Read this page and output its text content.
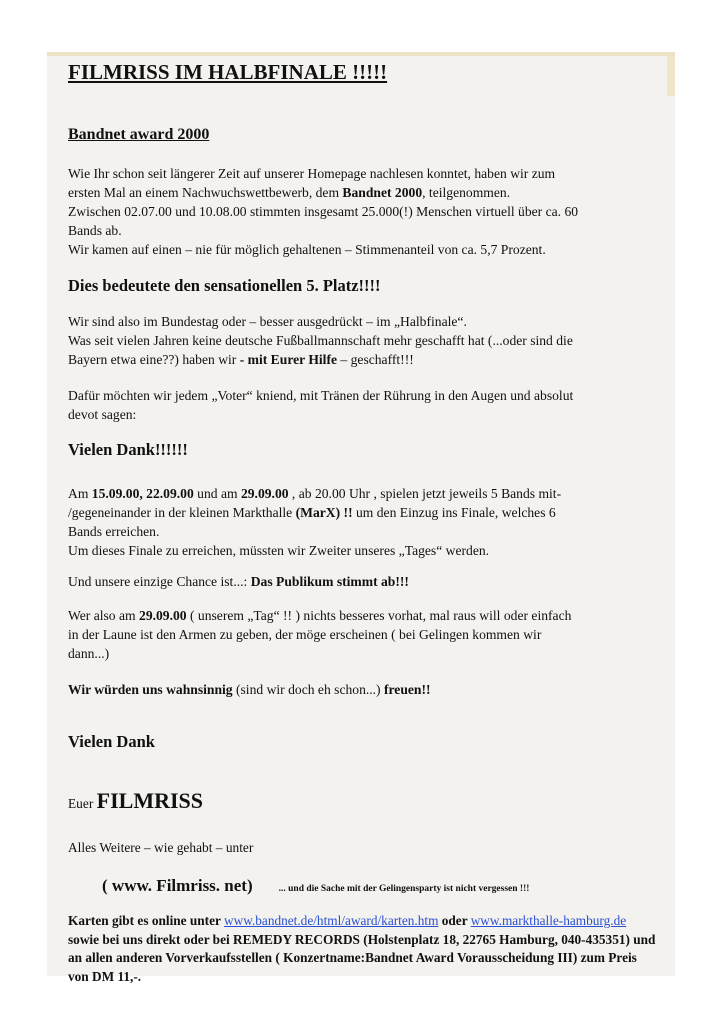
FILMRISS IM HALBFINALE !!!!!
Bandnet award 2000
Wie Ihr schon seit längerer Zeit auf unserer Homepage nachlesen konntet, haben wir zum
ersten Mal an einem Nachwuchswettbewerb, dem Bandnet 2000, teilgenommen.
Zwischen 02.07.00 und 10.08.00 stimmten insgesamt 25.000(!) Menschen virtuell über ca. 60
Bands ab.
Wir kamen auf einen – nie für möglich gehaltenen – Stimmenanteil von ca. 5,7 Prozent.
Dies bedeutete den sensationellen 5. Platz!!!!
Wir sind also im Bundestag oder – besser ausgedrückt – im „Halbfinale“.
Was seit vielen Jahren keine deutsche Fußballmannschaft mehr geschafft hat (...oder sind die
Bayern etwa eine??) haben wir - mit Eurer Hilfe – geschafft!!!
Dafür möchten wir jedem „Voter“ kniend, mit Tränen der Rührung in den Augen und absolut
devot sagen:
Vielen Dank!!!!!!
Am 15.09.00, 22.09.00 und am 29.09.00 , ab 20.00 Uhr , spielen jetzt jeweils 5 Bands mit-
/gegeneinander in der kleinen Markthalle (MarX) !! um den Einzug ins Finale, welches 6
Bands erreichen.
Um dieses Finale zu erreichen, müssten wir Zweiter unseres „Tages“ werden.
Und unsere einzige Chance ist...: Das Publikum stimmt ab!!!
Wer also am 29.09.00 ( unserem „Tag“ !! ) nichts besseres vorhat, mal raus will oder einfach
in der Laune ist den Armen zu geben, der möge erscheinen ( bei Gelingen kommen wir
dann...)
Wir würden uns wahnsinnig (sind wir doch eh schon...) freuen!!
Vielen Dank
Euer FILMRISS
Alles Weitere – wie gehabt – unter
( www. Filmriss. net)	... und die Sache mit der Gelingensparty ist nicht vergessen !!!
Karten gibt es online unter www.bandnet.de/html/award/karten.htm oder www.markthalle-hamburg.de sowie bei uns direkt oder bei REMEDY RECORDS (Holstenplatz 18, 22765 Hamburg, 040-435351) und an allen anderen Vorverkaufsstellen ( Konzertname:Bandnet Award Vorausscheidung III) zum Preis von DM 11,-.
